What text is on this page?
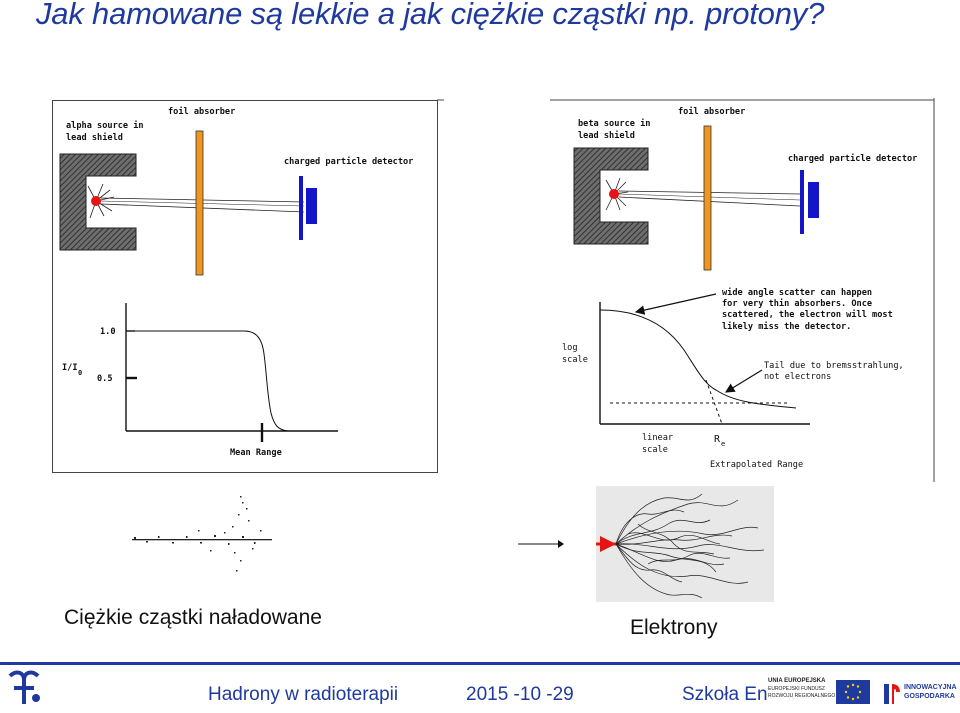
Jak hamowane są lekkie a jak ciężkie cząstki np. protony?
alpha source in
lead shield
foil absorber
charged particle detector
1.0
0.5
I/I 0
Mean Range
beta source in
lead shield
foil absorber
charged particle detector
log
scale
linear
scale
R e
Extrapolated Range
wide angle scatter can happen
for very thin absorbers. Once
scattered, the electron will most
likely miss the detector.
Tail due to bremsstrahlung,
not electrons
Ciężkie cząstki naładowane	Elektrony
Hadrony w radioterapii	2015 -10 -29	Szkoła En
UNIA EUROPEJSKA
EUROPEJSKI FUNDUSZ
ROZWOJU REGIONALNEGO
INNOWACYJNA
GOSPODARKA
